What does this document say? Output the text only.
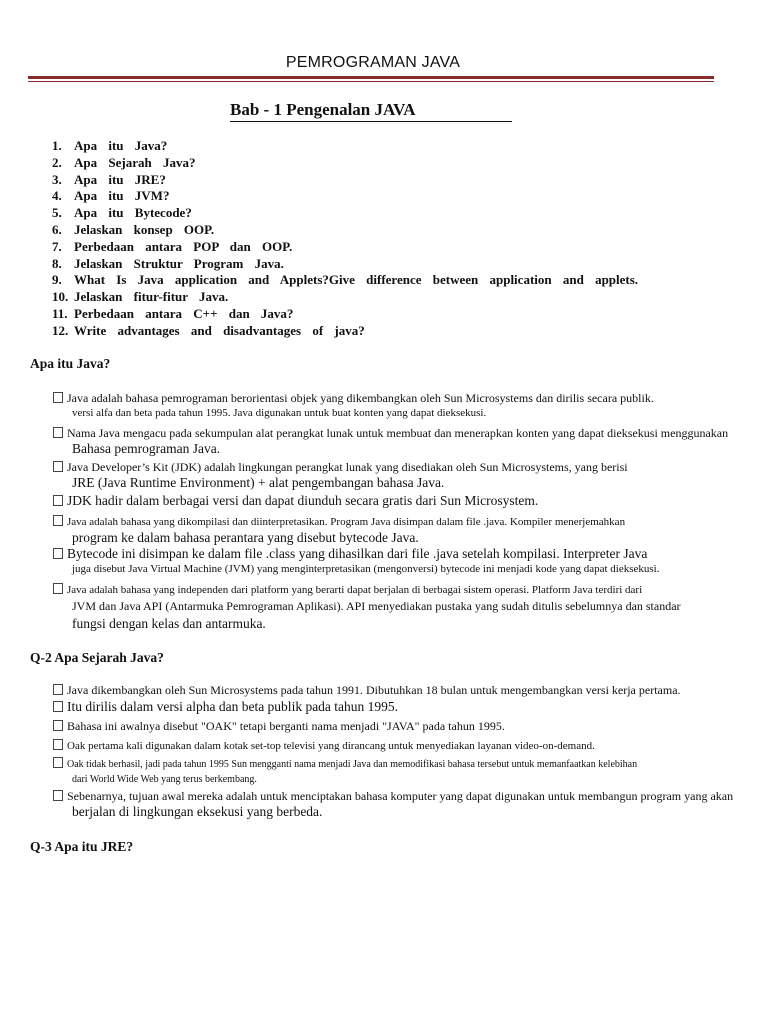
PEMROGRAMAN JAVA
Bab - 1 Pengenalan JAVA
1. Apa itu Java?
2. Apa Sejarah Java?
3. Apa itu JRE?
4. Apa itu JVM?
5. Apa itu Bytecode?
6. Jelaskan konsep OOP.
7. Perbedaan antara POP dan OOP.
8. Jelaskan Struktur Program Java.
9. What Is Java application and Applets?Give difference between application and applets.
10. Jelaskan fitur-fitur Java.
11. Perbedaan antara C++ dan Java?
12. Write advantages and disadvantages of java?
Apa itu Java?
Java adalah bahasa pemrograman berorientasi objek yang dikembangkan oleh Sun Microsystems dan dirilis secara publik.
versi alfa dan beta pada tahun 1995. Java digunakan untuk buat konten yang dapat dieksekusi.
Nama Java mengacu pada sekumpulan alat perangkat lunak untuk membuat dan menerapkan konten yang dapat dieksekusi menggunakan
Bahasa pemrograman Java.
Java Developer’s Kit (JDK) adalah lingkungan perangkat lunak yang disediakan oleh Sun Microsystems, yang berisi
JRE (Java Runtime Environment) + alat pengembangan bahasa Java.
JDK hadir dalam berbagai versi dan dapat diunduh secara gratis dari Sun Microsystem.
Java adalah bahasa yang dikompilasi dan diinterpretasikan. Program Java disimpan dalam file .java. Kompiler menerjemahkan
program ke dalam bahasa perantara yang disebut bytecode Java.
Bytecode ini disimpan ke dalam file .class yang dihasilkan dari file .java setelah kompilasi. Interpreter Java
juga disebut Java Virtual Machine (JVM) yang menginterpretasikan (mengonversi) bytecode ini menjadi kode yang dapat dieksekusi.
Java adalah bahasa yang independen dari platform yang berarti dapat berjalan di berbagai sistem operasi. Platform Java terdiri dari
JVM dan Java API (Antarmuka Pemrograman Aplikasi). API menyediakan pustaka yang sudah ditulis sebelumnya dan standar
fungsi dengan kelas dan antarmuka.
Q-2 Apa Sejarah Java?
Java dikembangkan oleh Sun Microsystems pada tahun 1991. Dibutuhkan 18 bulan untuk mengembangkan versi kerja pertama.
Itu dirilis dalam versi alpha dan beta publik pada tahun 1995.
Bahasa ini awalnya disebut "OAK" tetapi berganti nama menjadi "JAVA" pada tahun 1995.
Oak pertama kali digunakan dalam kotak set-top televisi yang dirancang untuk menyediakan layanan video-on-demand.
Oak tidak berhasil, jadi pada tahun 1995 Sun mengganti nama menjadi Java dan memodifikasi bahasa tersebut untuk memanfaatkan kelebihan
dari World Wide Web yang terus berkembang.
Sebenarnya, tujuan awal mereka adalah untuk menciptakan bahasa komputer yang dapat digunakan untuk membangun program yang akan
berjalan di lingkungan eksekusi yang berbeda.
Q-3 Apa itu JRE?
